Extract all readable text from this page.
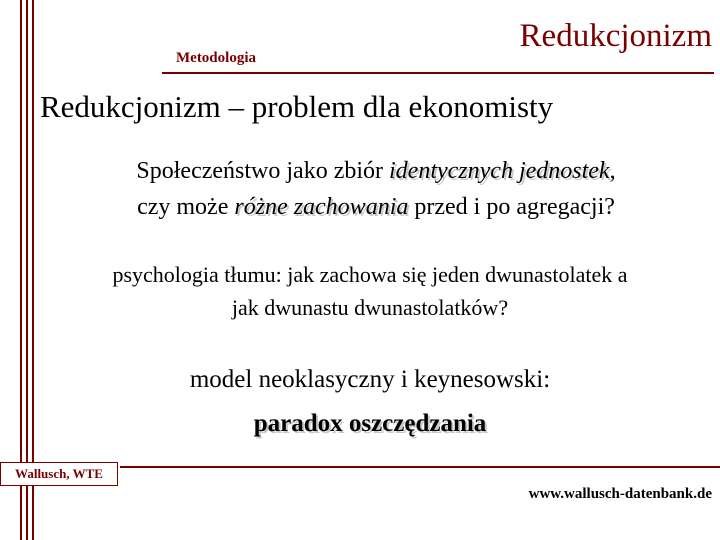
Metodologia
Redukcjonizm
Redukcjonizm – problem dla ekonomisty
Społeczeństwo jako zbiór identycznych jednostek,
czy może różne zachowania przed i po agregacji?
psychologia tłumu: jak zachowa się jeden dwunastolatek a
jak dwunastu dwunastolatków?
model neoklasyczny i keynesowski:
paradox oszczędzania
Wallusch, WTE
www.wallusch-datenbank.de
